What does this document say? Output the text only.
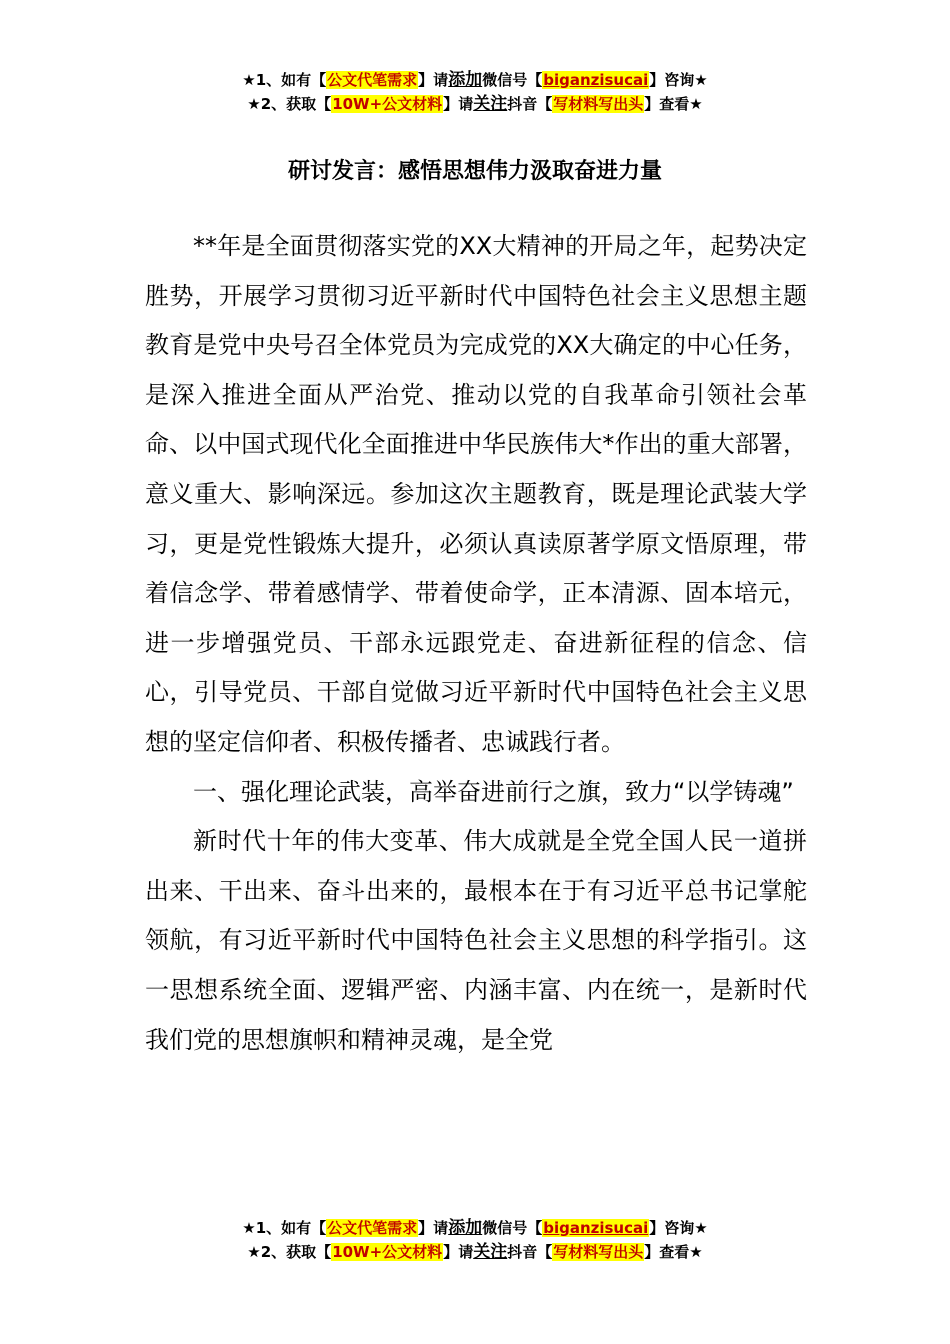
★1、如有【公文代笔需求】请添加微信号【biganzisucai】咨询★
★2、获取【10W+公文材料】请关注抖音【写材料写出头】查看★
研讨发言：感悟思想伟力汲取奋进力量

**年是全面贯彻落实党的XX大精神的开局之年，起势决定胜势，开展学习贯彻习近平新时代中国特色社会主义思想主题教育是党中央号召全体党员为完成党的XX大确定的中心任务，是深入推进全面从严治党、推动以党的自我革命引领社会革命、以中国式现代化全面推进中华民族伟大*作出的重大部署，意义重大、影响深远。参加这次主题教育，既是理论武装大学习，更是党性锻炼大提升，必须认真读原著学原文悟原理，带着信念学、带着感情学、带着使命学，正本清源、固本培元，进一步增强党员、干部永远跟党走、奋进新征程的信念、信心，引导党员、干部自觉做习近平新时代中国特色社会主义思想的坚定信仰者、积极传播者、忠诚践行者。

一、强化理论武装，高举奋进前行之旗，致力“以学铸魂”

新时代十年的伟大变革、伟大成就是全党全国人民一道拼出来、干出来、奋斗出来的，最根本在于有习近平总书记掌舵领航，有习近平新时代中国特色社会主义思想的科学指引。这一思想系统全面、逻辑严密、内涵丰富、内在统一，是新时代我们党的思想旗帜和精神灵魂，是全党

★1、如有【公文代笔需求】请添加微信号【biganzisucai】咨询★
★2、获取【10W+公文材料】请关注抖音【写材料写出头】查看★
